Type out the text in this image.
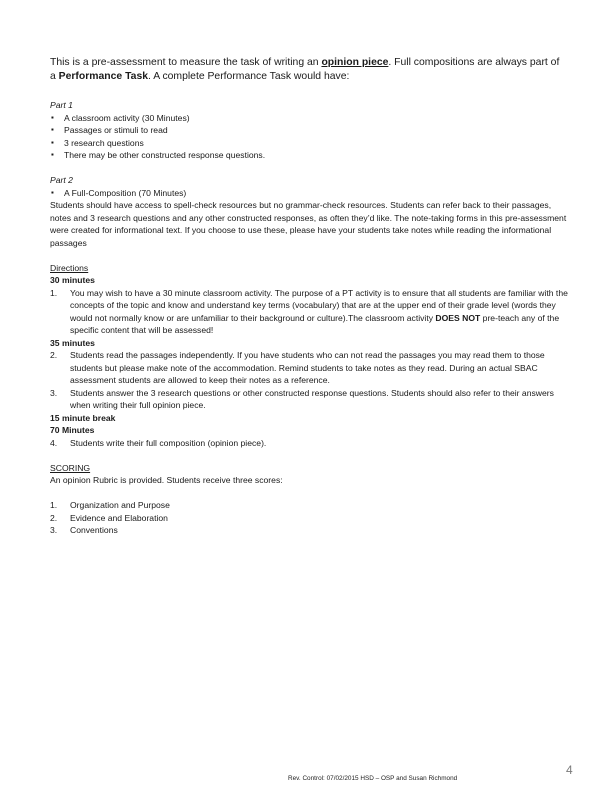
This is a pre-assessment to measure the task of writing an opinion piece. Full compositions are always part of a Performance Task. A complete Performance Task would have:
Part 1
▪ A classroom activity (30 Minutes)
▪ Passages or stimuli to read
▪ 3 research questions
▪ There may be other constructed response questions.
Part 2
▪ A Full-Composition (70 Minutes)
Students should have access to spell-check resources but no grammar-check resources. Students can refer back to their passages, notes and 3 research questions and any other constructed responses, as often they’d like. The note-taking forms in this pre-assessment were created for informational text. If you choose to use these, please have your students take notes while reading the informational passages
Directions
30 minutes
1.	You may wish to have a 30 minute classroom activity. The purpose of a PT activity is to ensure that all students are familiar with the concepts of the topic and know and understand key terms (vocabulary) that are at the upper end of their grade level (words they would not normally know or are unfamiliar to their background or culture).The classroom activity DOES NOT pre-teach any of the specific content that will be assessed!
35 minutes
2.	Students read the passages independently. If you have students who can not read the passages you may read them to those students but please make note of the accommodation. Remind students to take notes as they read. During an actual SBAC assessment students are allowed to keep their notes as a reference.
3.	Students answer the 3 research questions or other constructed response questions. Students should also refer to their answers when writing their full opinion piece.
15 minute break
70 Minutes
4.	Students write their full composition (opinion piece).
SCORING
An opinion Rubric is provided. Students receive three scores:
1.	Organization and Purpose
2.	Evidence and Elaboration
3.	Conventions
Rev. Control: 07/02/2015 HSD – OSP and Susan Richmond
4
